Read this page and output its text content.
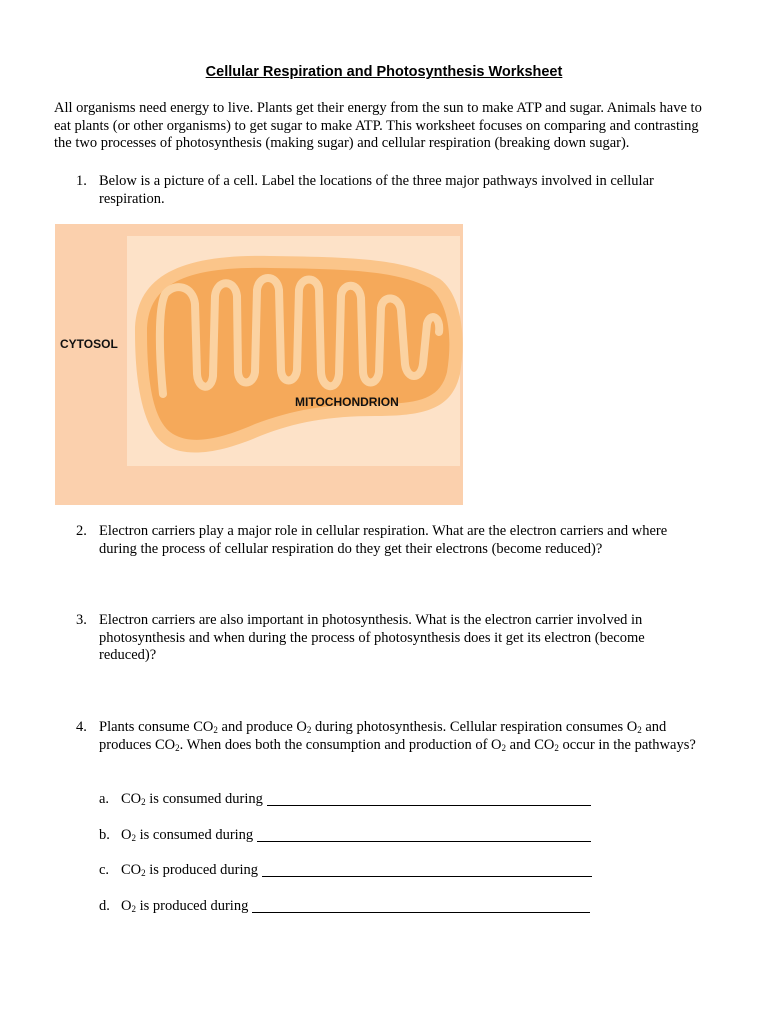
Cellular Respiration and Photosynthesis Worksheet
All organisms need energy to live. Plants get their energy from the sun to make ATP and sugar. Animals have to eat plants (or other organisms) to get sugar to make ATP. This worksheet focuses on comparing and contrasting the two processes of photosynthesis (making sugar) and cellular respiration (breaking down sugar).
1. Below is a picture of a cell. Label the locations of the three major pathways involved in cellular respiration.
CYTOSOL
MITOCHONDRION
2. Electron carriers play a major role in cellular respiration. What are the electron carriers and where during the process of cellular respiration do they get their electrons (become reduced)?
3. Electron carriers are also important in photosynthesis. What is the electron carrier involved in photosynthesis and when during the process of photosynthesis does it get its electron (become reduced)?
4. Plants consume $CO_2$ and produce $O_2$ during photosynthesis. Cellular respiration consumes $O_2$ and produces $CO_2$. When does both the consumption and production of $O_2$ and $CO_2$ occur in the pathways?
a. $CO_2$ is consumed during
b. $O_2$ is consumed during
c. $CO_2$ is produced during
d. $O_2$ is produced during
